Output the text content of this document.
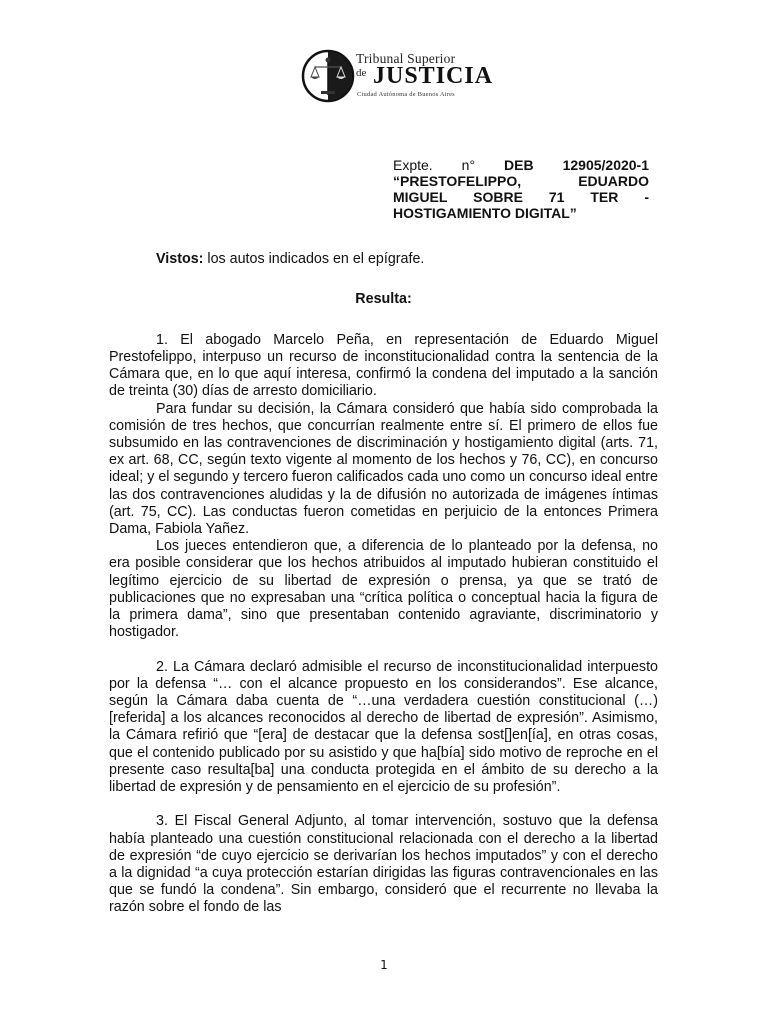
Tribunal Superior
de JUSTICIA
Ciudad Autónoma de Buenos Aires
Expte. n° DEB 12905/2020-1
“PRESTOFELIPPO, EDUARDO
MIGUEL SOBRE 71 TER -
HOSTIGAMIENTO DIGITAL”

Vistos: los autos indicados en el epígrafe.

Resulta:

1. El abogado Marcelo Peña, en representación de Eduardo Miguel Prestofelippo, interpuso un recurso de inconstitucionalidad contra la sentencia de la Cámara que, en lo que aquí interesa, confirmó la condena del imputado a la sanción de treinta (30) días de arresto domiciliario.

Para fundar su decisión, la Cámara consideró que había sido comprobada la comisión de tres hechos, que concurrían realmente entre sí. El primero de ellos fue subsumido en las contravenciones de discriminación y hostigamiento digital (arts. 71, ex art. 68, CC, según texto vigente al momento de los hechos y 76, CC), en concurso ideal; y el segundo y tercero fueron calificados cada uno como un concurso ideal entre las dos contravenciones aludidas y la de difusión no autorizada de imágenes íntimas (art. 75, CC). Las conductas fueron cometidas en perjuicio de la entonces Primera Dama, Fabiola Yañez.

Los jueces entendieron que, a diferencia de lo planteado por la defensa, no era posible considerar que los hechos atribuidos al imputado hubieran constituido el legítimo ejercicio de su libertad de expresión o prensa, ya que se trató de publicaciones que no expresaban una “crítica política o conceptual hacia la figura de la primera dama”, sino que presentaban contenido agraviante, discriminatorio y hostigador.

2. La Cámara declaró admisible el recurso de inconstitucionalidad interpuesto por la defensa “… con el alcance propuesto en los considerandos”. Ese alcance, según la Cámara daba cuenta de “…una verdadera cuestión constitucional (…) [referida] a los alcances reconocidos al derecho de libertad de expresión”. Asimismo, la Cámara refirió que “[era] de destacar que la defensa sost[]en[ía], en otras cosas, que el contenido publicado por su asistido y que ha[bía] sido motivo de reproche en el presente caso resulta[ba] una conducta protegida en el ámbito de su derecho a la libertad de expresión y de pensamiento en el ejercicio de su profesión”.

3. El Fiscal General Adjunto, al tomar intervención, sostuvo que la defensa había planteado una cuestión constitucional relacionada con el derecho a la libertad de expresión “de cuyo ejercicio se derivarían los hechos imputados” y con el derecho a la dignidad “a cuya protección estarían dirigidas las figuras contravencionales en las que se fundó la condena”. Sin embargo, consideró que el recurrente no llevaba la razón sobre el fondo de las

1
